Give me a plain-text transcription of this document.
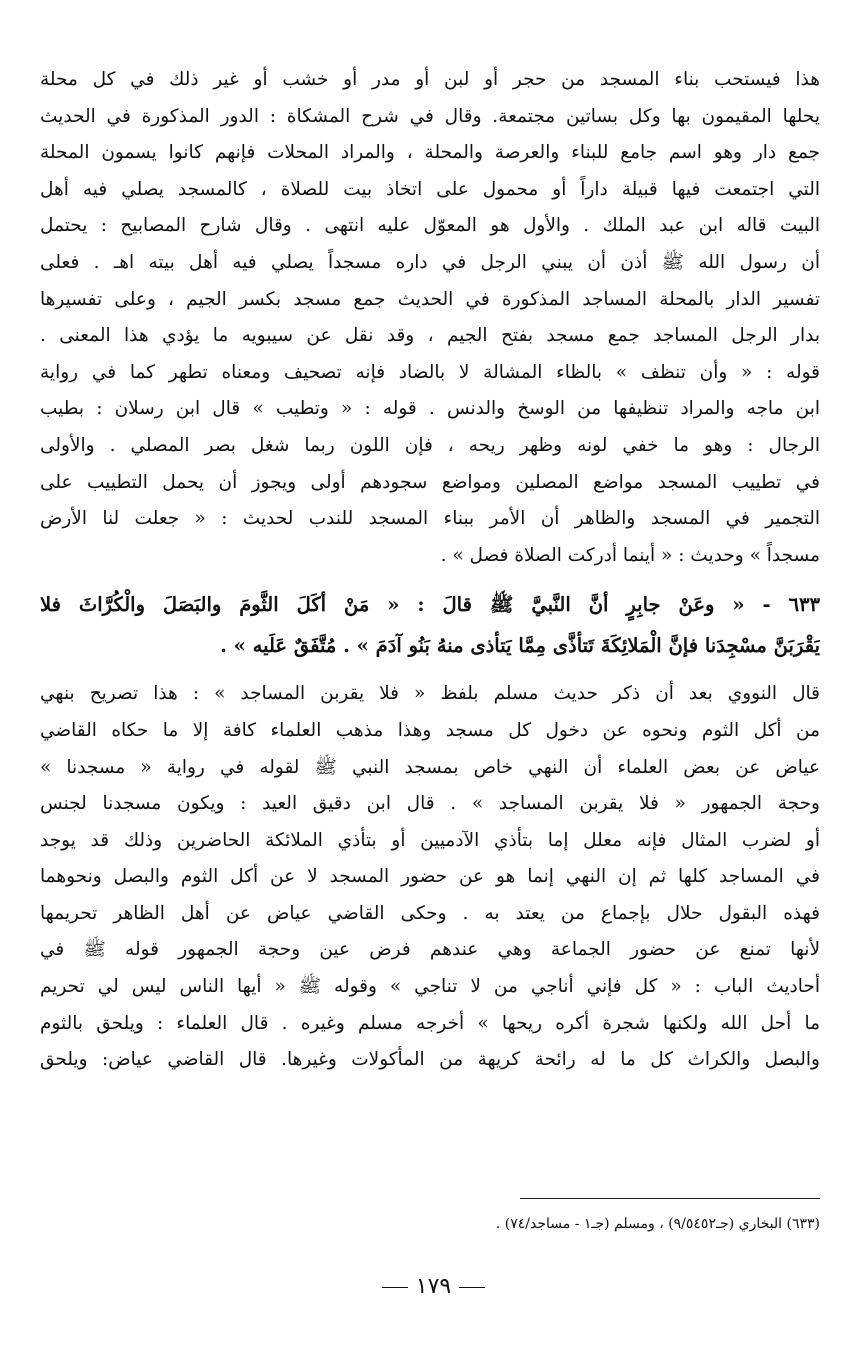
هذا فيستحب بناء المسجد من حجر أو لبن أو مدر أو خشب أو غير ذلك في كل محلة
يحلها المقيمون بها وكل بساتين مجتمعة. وقال في شرح المشكاة : الدور المذكورة في الحديث
جمع دار وهو اسم جامع للبناء والعرصة والمحلة ، والمراد المحلات فإنهم كانوا يسمون المحلة
التي اجتمعت فيها قبيلة داراً أو محمول على اتخاذ بيت للصلاة ، كالمسجد يصلي فيه أهل
البيت قاله ابن عبد الملك . والأول هو المعوّل عليه انتهى . وقال شارح المصابيح : يحتمل
أن رسول الله ﷺ أذن أن يبني الرجل في داره مسجداً يصلي فيه أهل بيته اهـ . فعلى
تفسير الدار بالمحلة المساجد المذكورة في الحديث جمع مسجد بكسر الجيم ، وعلى تفسيرها
بدار الرجل المساجد جمع مسجد بفتح الجيم ، وقد نقل عن سيبويه ما يؤدي هذا المعنى .
قوله : « وأن تنظف » بالظاء المشالة لا بالضاد فإنه تصحيف ومعناه تطهر كما في رواية
ابن ماجه والمراد تنظيفها من الوسخ والدنس . قوله : « وتطيب » قال ابن رسلان : بطيب
الرجال : وهو ما خفي لونه وظهر ريحه ، فإن اللون ربما شغل بصر المصلي . والأولى
في تطييب المسجد مواضع المصلين ومواضع سجودهم أولى ويجوز أن يحمل التطييب على
التجمير في المسجد والظاهر أن الأمر ببناء المسجد للندب لحديث : « جعلت لنا الأرض
مسجداً » وحديث : « أينما أدركت الصلاة فصل » .
٦٣٣ - « وعَنْ جابِرٍ أنَّ النَّبيَّ ﷺ قالَ : « مَنْ أكَلَ الثَّومَ والبَصَلَ والْكُرَّاثَ فلا
يَقْرَبَنَّ مسْجِدَنا فإنَّ الْمَلائِكَةَ تَتأذَّى مِمَّا يَتأذى منهُ بَنُو آدَمَ » . مُتَّفَقٌ عَلَيه » .
قال النووي بعد أن ذكر حديث مسلم بلفظ « فلا يقربن المساجد » : هذا تصريح بنهي
من أكل الثوم ونحوه عن دخول كل مسجد وهذا مذهب العلماء كافة إلا ما حكاه القاضي
عياض عن بعض العلماء أن النهي خاص بمسجد النبي ﷺ لقوله في رواية « مسجدنا »
وحجة الجمهور « فلا يقربن المساجد » . قال ابن دقيق العيد : ويكون مسجدنا لجنس
أو لضرب المثال فإنه معلل إما بتأذي الآدميين أو بتأذي الملائكة الحاضرين وذلك قد يوجد
في المساجد كلها ثم إن النهي إنما هو عن حضور المسجد لا عن أكل الثوم والبصل ونحوهما
فهذه البقول حلال بإجماع من يعتد به . وحكى القاضي عياض عن أهل الظاهر تحريمها
لأنها تمنع عن حضور الجماعة وهي عندهم فرض عين وحجة الجمهور قوله ﷺ في
أحاديث الباب : « كل فإني أناجي من لا تناجي » وقوله ﷺ « أيها الناس ليس لي تحريم
ما أحل الله ولكنها شجرة أكره ريحها » أخرجه مسلم وغيره . قال العلماء : ويلحق بالثوم
والبصل والكراث كل ما له رائحة كريهة من المأكولات وغيرها. قال القاضي عياض: ويلحق
(٦٣٣) البخاري (جـ٩/٥٤٥٢) ، ومسلم (جـ١ - مساجد/٧٤) .
١٧٩
